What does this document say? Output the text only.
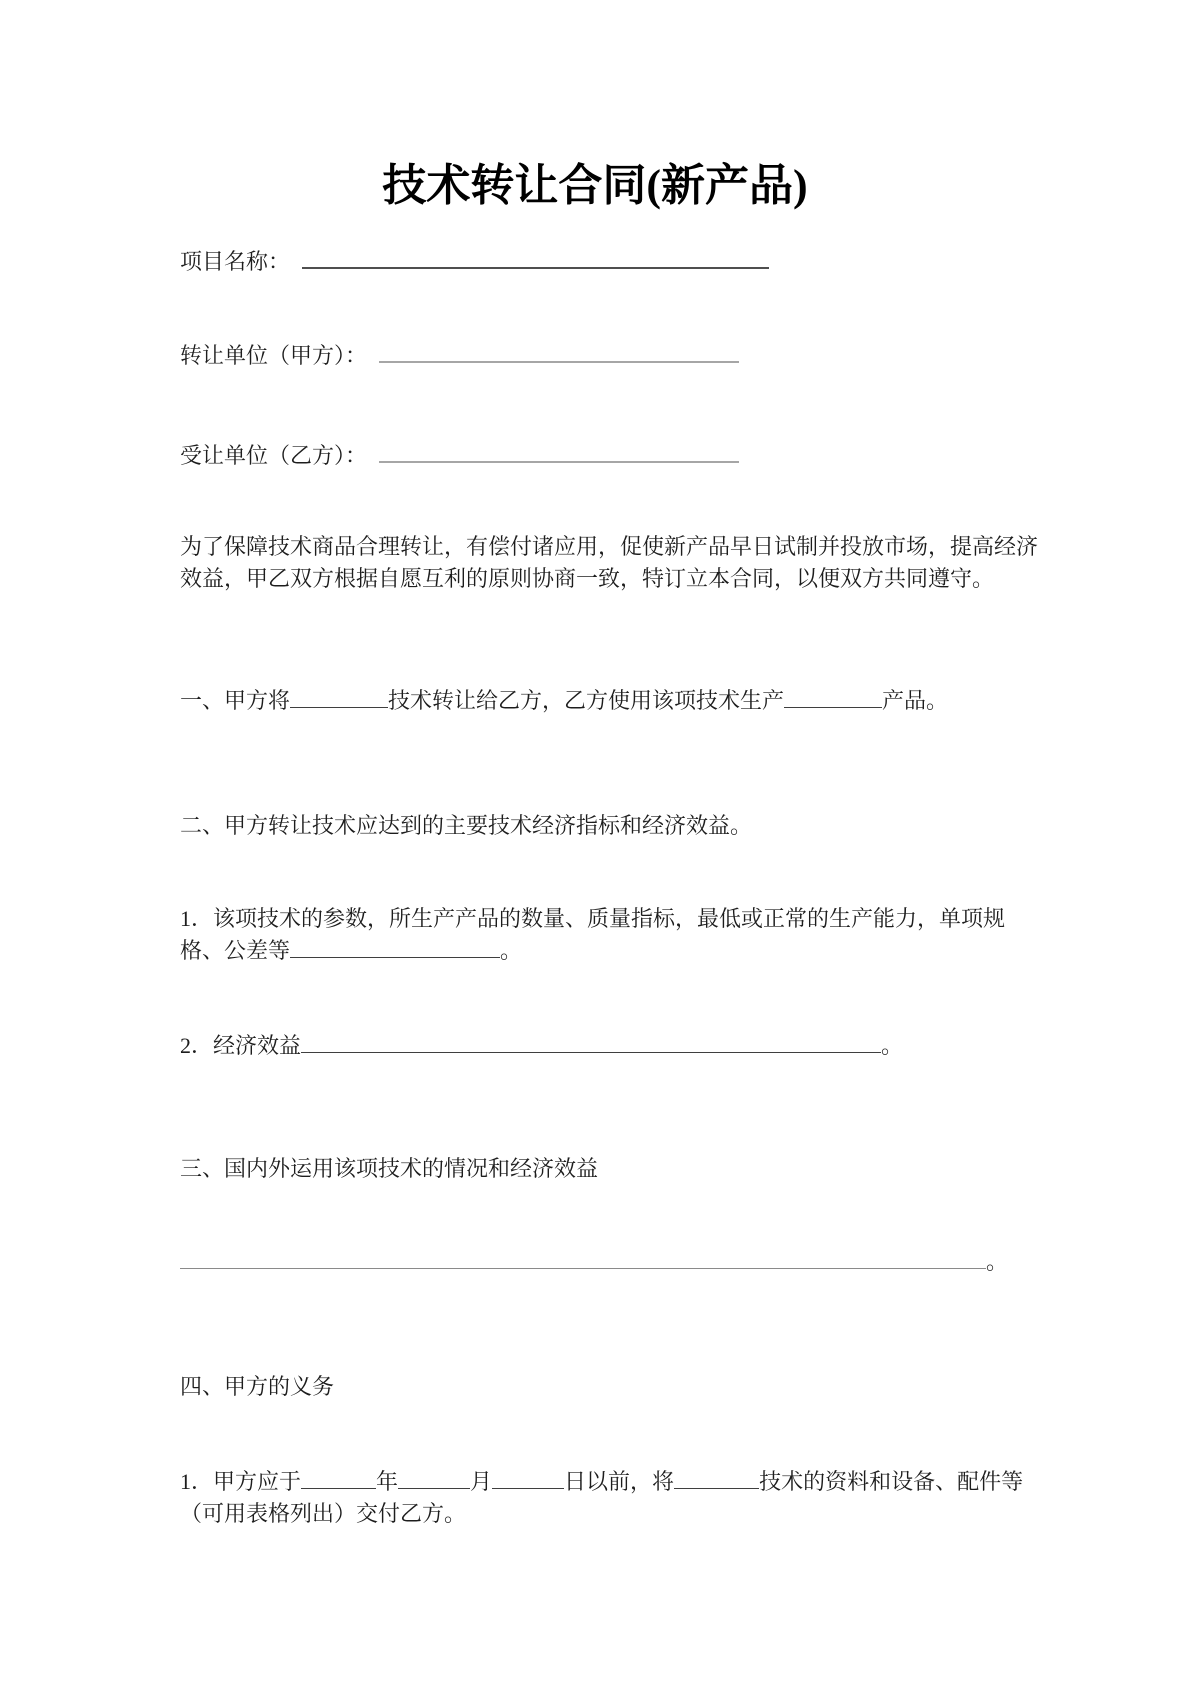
技术转让合同(新产品)
项目名称：
转让单位（甲方）：
受让单位（乙方）：
为了保障技术商品合理转让，有偿付诸应用，促使新产品早日试制并投放市场，提高经济效益，甲乙双方根据自愿互利的原则协商一致，特订立本合同，以便双方共同遵守。
一、甲方将	技术转让给乙方，乙方使用该项技术生产	产品。
二、甲方转让技术应达到的主要技术经济指标和经济效益。
1．该项技术的参数，所生产产品的数量、质量指标，最低或正常的生产能力，单项规格、公差等	。
2．经济效益	。
三、国内外运用该项技术的情况和经济效益
。
四、甲方的义务
1．甲方应于	年	月	日以前，将	技术的资料和设备、配件等（可用表格列出）交付乙方。
